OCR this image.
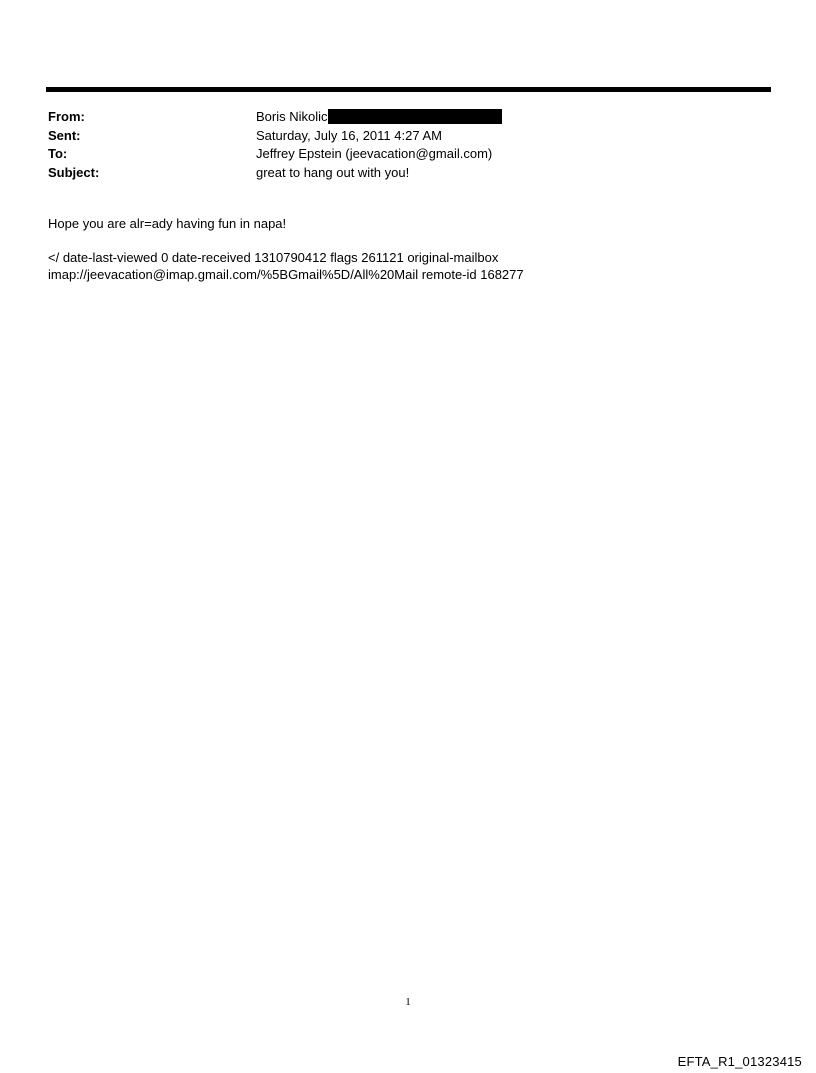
From:	Boris Nikolic
Sent:	Saturday, July 16, 2011 4:27 AM
To:	Jeffrey Epstein (jeevacation@gmail.com)
Subject:	great to hang out with you!
Hope you are alr=ady having fun in napa!
</ date-last-viewed 0 date-received 1310790412 flags 261121 original-mailbox
imap://jeevacation@imap.gmail.com/%5BGmail%5D/All%20Mail remote-id 168277
1
EFTA_R1_01323415
